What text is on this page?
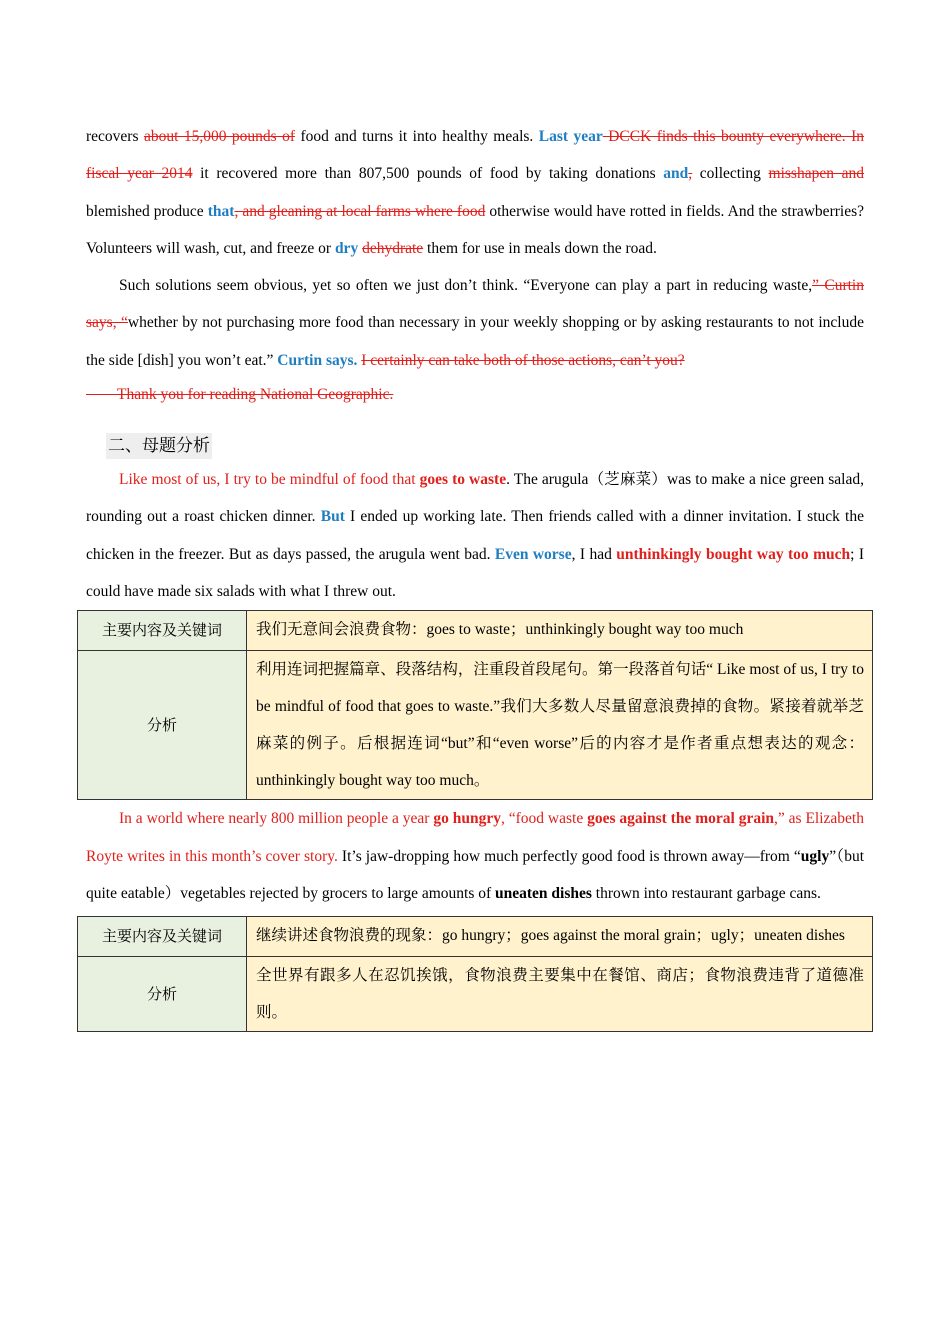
recovers about 15,000 pounds of food and turns it into healthy meals. Last year DCCK finds this bounty everywhere. In fiscal year 2014 it recovered more than 807,500 pounds of food by taking donations and, collecting misshapen and blemished produce that, and gleaning at local farms where food otherwise would have rotted in fields. And the strawberries? Volunteers will wash, cut, and freeze or dry dehydrate them for use in meals down the road.

Such solutions seem obvious, yet so often we just don’t think. “Everyone can play a part in reducing waste,” Curtin says, “whether by not purchasing more food than necessary in your weekly shopping or by asking restaurants to not include the side [dish] you won’t eat.” Curtin says. I certainly can take both of those actions, can’t you?

Thank you for reading National Geographic.

二、母题分析

Like most of us, I try to be mindful of food that goes to waste. The arugula（芝麻菜）was to make a nice green salad, rounding out a roast chicken dinner. But I ended up working late. Then friends called with a dinner invitation. I stuck the chicken in the freezer. But as days passed, the arugula went bad. Even worse, I had unthinkingly bought way too much; I could have made six salads with what I threw out.

主要内容及关键词	我们无意间会浪费食物：goes to waste；unthinkingly bought way too much
分析	利用连词把握篇章、段落结构，注重段首段尾句。第一段落首句话“ Like most of us, I try to be mindful of food that goes to waste.”我们大多数人尽量留意浪费掉的食物。紧接着就举芝麻菜的例子。后根据连词“but”和“even worse”后的内容才是作者重点想表达的观念：unthinkingly bought way too much。

In a world where nearly 800 million people a year go hungry, “food waste goes against the moral grain,” as Elizabeth Royte writes in this month’s cover story. It’s jaw-dropping how much perfectly good food is thrown away—from “ugly”（but quite eatable）vegetables rejected by grocers to large amounts of uneaten dishes thrown into restaurant garbage cans.

主要内容及关键词	继续讲述食物浪费的现象：go hungry；goes against the moral grain；ugly；uneaten dishes
分析	全世界有跟多人在忍饥挨饿，食物浪费主要集中在餐馆、商店；食物浪费违背了道德准则。
